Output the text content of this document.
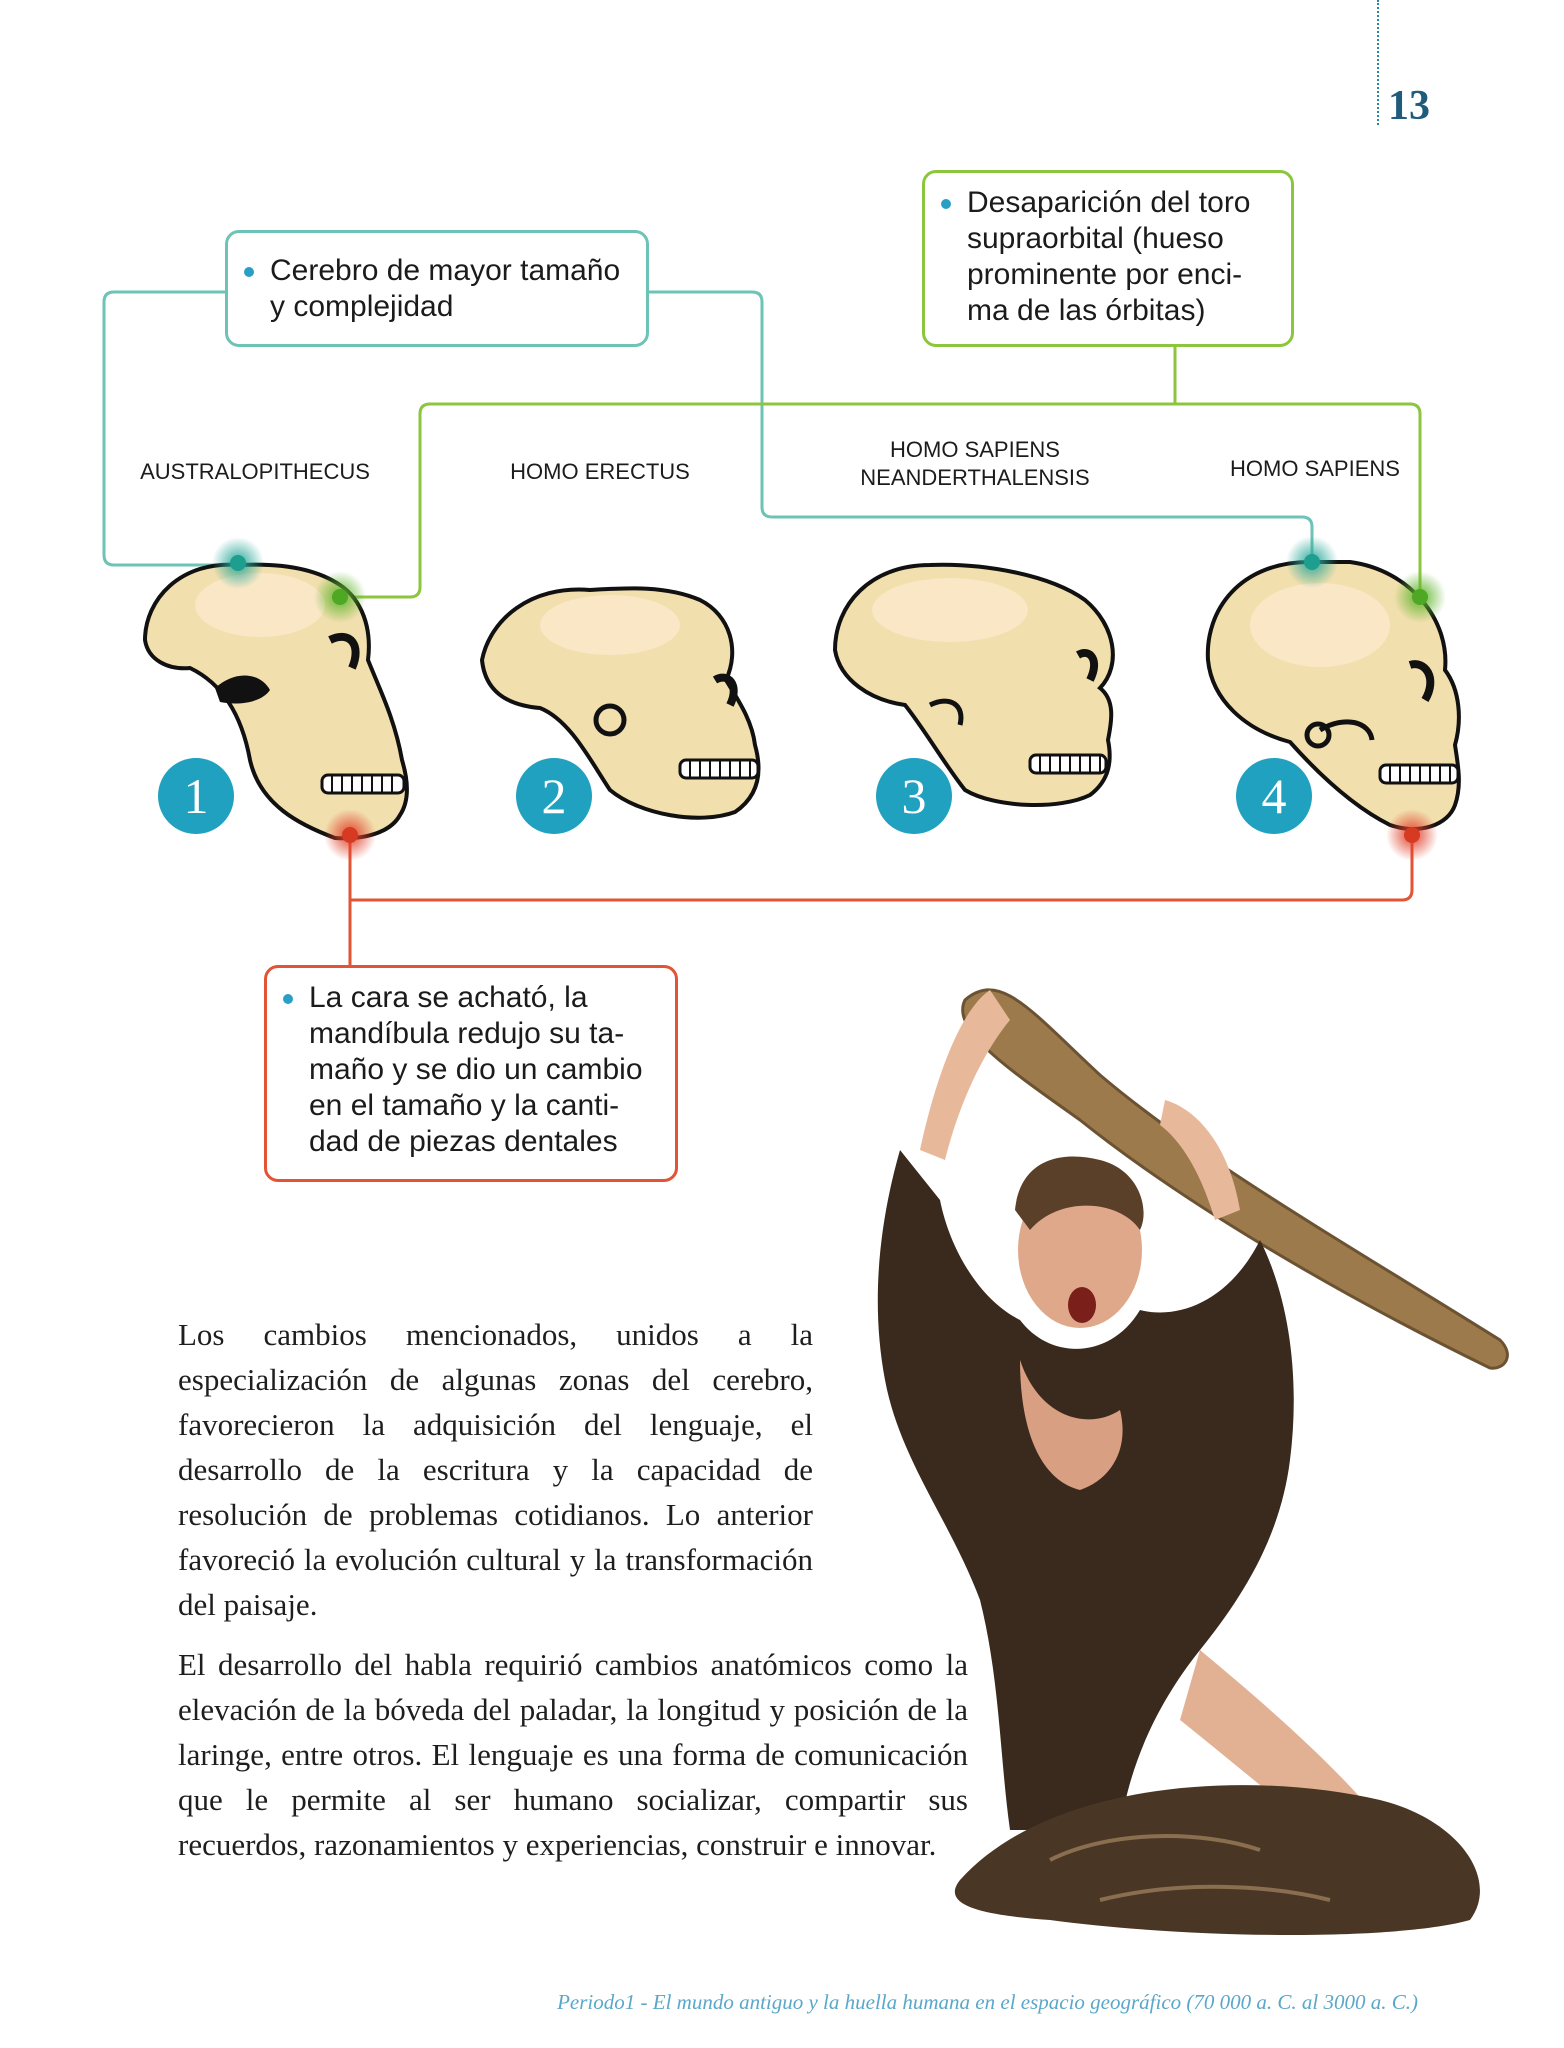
13
Cerebro de mayor tamaño y complejidad
Desaparición del toro supraorbital (hueso prominente por enci-ma de las órbitas)
La cara se acható, la mandíbula redujo su ta-maño y se dio un cambio en el tamaño y la canti-dad de piezas dentales
AUSTRALOPITHECUS	HOMO ERECTUS
HOMO SAPIENS NEANDERTHALENSIS	HOMO SAPIENS
1	2	3	4
Los cambios mencionados, unidos a la especialización de algunas zonas del cerebro, favorecieron la adquisición del lenguaje, el desarrollo de la escritura y la capacidad de resolución de problemas cotidianos. Lo anterior favoreció la evolución cultural y la transformación del paisaje.
El desarrollo del habla requirió cambios anatómicos como la elevación de la bóveda del paladar, la longitud y posición de la laringe, entre otros. El lenguaje es una forma de comunicación que le permite al ser humano socializar, compartir sus recuerdos, razonamientos y experiencias, construir e innovar.
Periodo1 - El mundo antiguo y la huella humana en el espacio geográfico (70 000 a. C. al 3000 a. C.)
